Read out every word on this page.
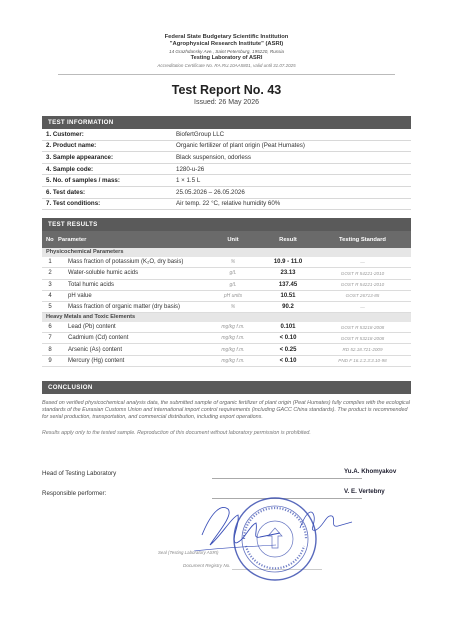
Federal State Budgetary Scientific Institution
"Agrophysical Research Institute" (ASRI)
14 Grazhdansky Ave., Saint Petersburg, 195220, Russia
Testing Laboratory of ASRI
Accreditation Certificate No. RA.RU.10AA5801, valid until 31.07.2025
Test Report No. 43
Issued: 26 May 2026
TEST INFORMATION
1. Customer:	BiofertGroup LLC
2. Product name:	Organic fertilizer of plant origin (Peat Humates)
3. Sample appearance:	Black suspension, odorless
4. Sample code:	1280-u-26
5. No. of samples / mass:	1 × 1.5 L
6. Test dates:	25.05.2026 – 26.05.2026
7. Test conditions:	Air temp. 22 °C, relative humidity 60%
TEST RESULTS
No Parameter	Unit	Result	Testing Standard
Physicochemical Parameters
1	Mass fraction of potassium (K₂O, dry basis)	%	10.9 - 11.0	—
2	Water-soluble humic acids	g/L	23.13	GOST R 54221-2010
3	Total humic acids	g/L	137.45	GOST R 54221-2010
4	pH value	pH units	10.51	GOST 26713-85
5	Mass fraction of organic matter (dry basis)	%	90.2	—
Heavy Metals and Toxic Elements
6	Lead (Pb) content	mg/kg f.m.	0.101	GOST R 53218-2008
7	Cadmium (Cd) content	mg/kg f.m.	< 0.10	GOST R 53218-2008
8	Arsenic (As) content	mg/kg f.m.	< 0.25	RD 52.18.721-2009
9	Mercury (Hg) content	mg/kg f.m.	< 0.10	PND F 16.1:2.3:3.10-98
CONCLUSION
Based on verified physicochemical analysis data, the submitted sample of organic fertilizer of plant origin (Peat Humates) fully complies with the ecological standards of the Eurasian Customs Union and international import control requirements (including GACC China standards). The product is recommended for serial production, transportation, and commercial distribution, including export operations.
Results apply only to the tested sample. Reproduction of this document without laboratory permission is prohibited.
Head of Testing Laboratory	Yu.A. Khomyakov
Responsible performer:	V. E. Vertebny
Seal (Testing Laboratory ASRI)
Document Registry No.
